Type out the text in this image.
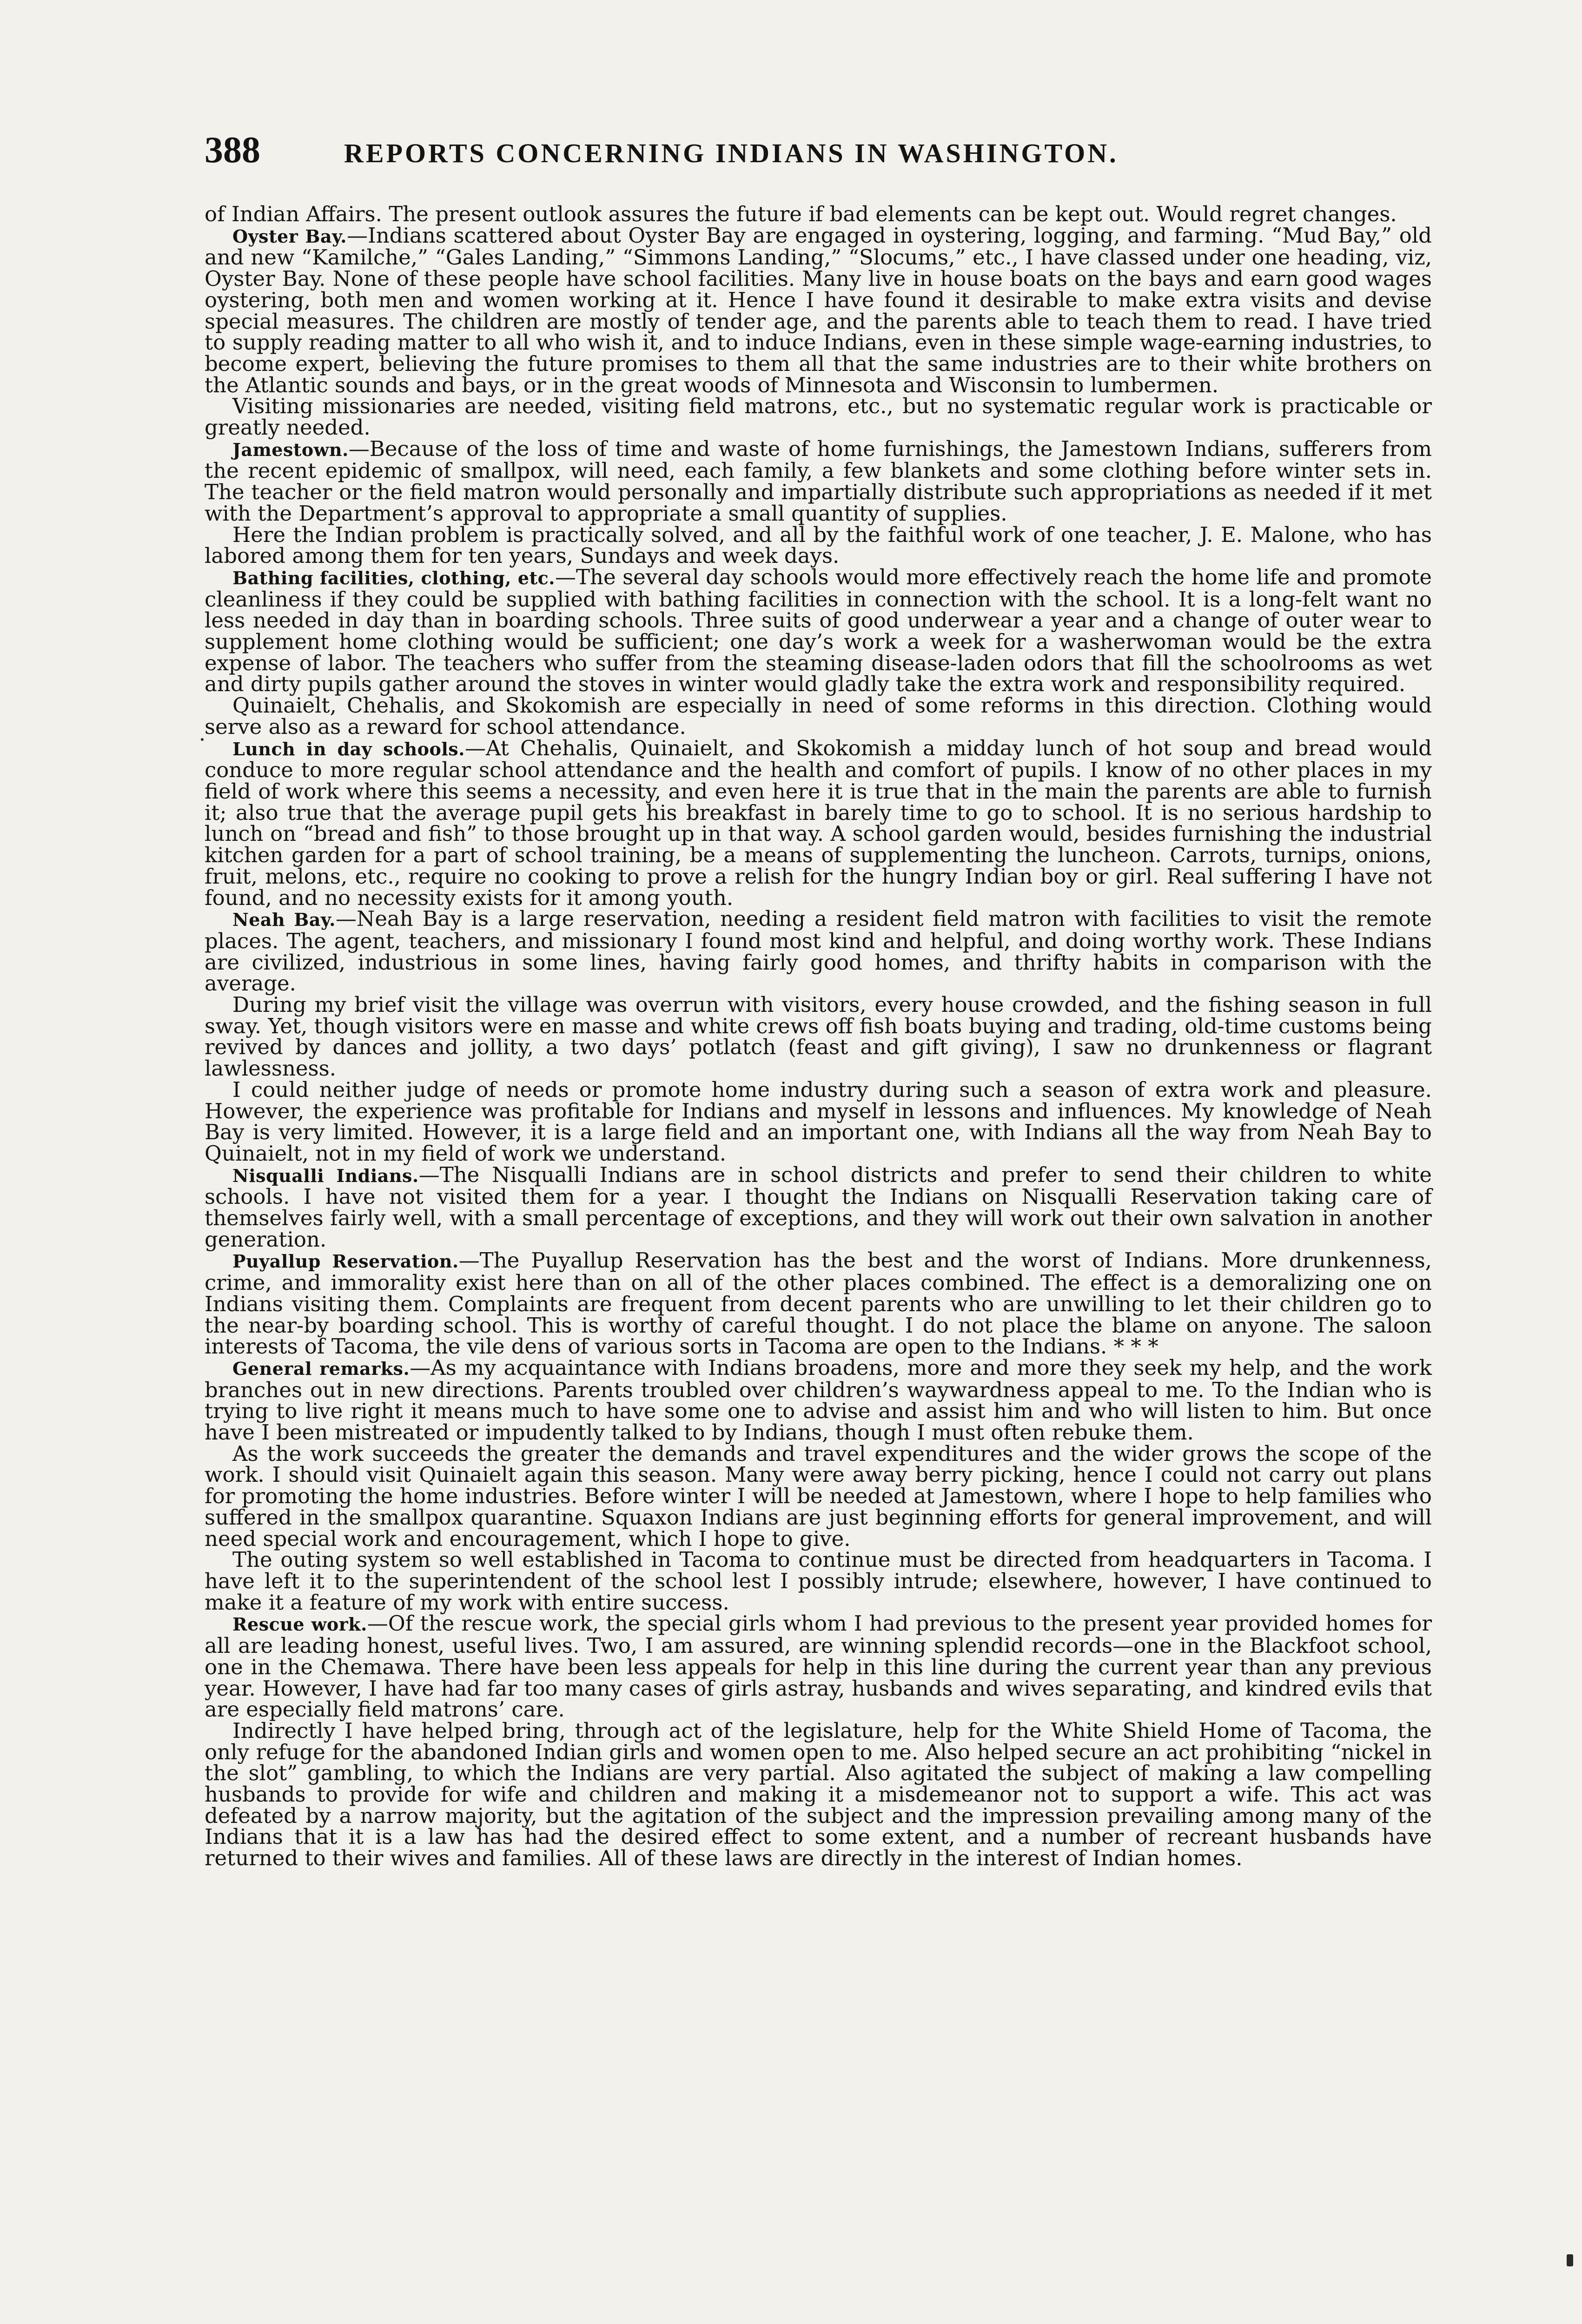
388	REPORTS CONCERNING INDIANS IN WASHINGTON.

of Indian Affairs. The present outlook assures the future if bad elements can be kept out. Would regret changes.

Oyster Bay.—Indians scattered about Oyster Bay are engaged in oystering, logging, and farming. “Mud Bay,” old and new “Kamilche,” “Gales Landing,” “Simmons Landing,” “Slocums,” etc., I have classed under one heading, viz, Oyster Bay. None of these people have school facilities. Many live in house boats on the bays and earn good wages oystering, both men and women working at it. Hence I have found it desirable to make extra visits and devise special measures. The children are mostly of tender age, and the parents able to teach them to read. I have tried to supply reading matter to all who wish it, and to induce Indians, even in these simple wage-earning industries, to become expert, believing the future promises to them all that the same industries are to their white brothers on the Atlantic sounds and bays, or in the great woods of Minnesota and Wisconsin to lumbermen.

Visiting missionaries are needed, visiting field matrons, etc., but no systematic regular work is practicable or greatly needed.

Jamestown.—Because of the loss of time and waste of home furnishings, the Jamestown Indians, sufferers from the recent epidemic of smallpox, will need, each family, a few blankets and some clothing before winter sets in. The teacher or the field matron would personally and impartially distribute such appropriations as needed if it met with the Department’s approval to appropriate a small quantity of supplies.

Here the Indian problem is practically solved, and all by the faithful work of one teacher, J. E. Malone, who has labored among them for ten years, Sundays and week days.

Bathing facilities, clothing, etc.—The several day schools would more effectively reach the home life and promote cleanliness if they could be supplied with bathing facilities in connection with the school. It is a long-felt want no less needed in day than in boarding schools. Three suits of good underwear a year and a change of outer wear to supplement home clothing would be sufficient; one day’s work a week for a washerwoman would be the extra expense of labor. The teachers who suffer from the steaming disease-laden odors that fill the schoolrooms as wet and dirty pupils gather around the stoves in winter would gladly take the extra work and responsibility required.

Quinaielt, Chehalis, and Skokomish are especially in need of some reforms in this direction. Clothing would serve also as a reward for school attendance.

Lunch in day schools.—At Chehalis, Quinaielt, and Skokomish a midday lunch of hot soup and bread would conduce to more regular school attendance and the health and comfort of pupils. I know of no other places in my field of work where this seems a necessity, and even here it is true that in the main the parents are able to furnish it; also true that the average pupil gets his breakfast in barely time to go to school. It is no serious hardship to lunch on “bread and fish” to those brought up in that way. A school garden would, besides furnishing the industrial kitchen garden for a part of school training, be a means of supplementing the luncheon. Carrots, turnips, onions, fruit, melons, etc., require no cooking to prove a relish for the hungry Indian boy or girl. Real suffering I have not found, and no necessity exists for it among youth.

Neah Bay.—Neah Bay is a large reservation, needing a resident field matron with facilities to visit the remote places. The agent, teachers, and missionary I found most kind and helpful, and doing worthy work. These Indians are civilized, industrious in some lines, having fairly good homes, and thrifty habits in comparison with the average.

During my brief visit the village was overrun with visitors, every house crowded, and the fishing season in full sway. Yet, though visitors were en masse and white crews off fish boats buying and trading, old-time customs being revived by dances and jollity, a two days’ potlatch (feast and gift giving), I saw no drunkenness or flagrant lawlessness.

I could neither judge of needs or promote home industry during such a season of extra work and pleasure. However, the experience was profitable for Indians and myself in lessons and influences. My knowledge of Neah Bay is very limited. However, it is a large field and an important one, with Indians all the way from Neah Bay to Quinaielt, not in my field of work we understand.

Nisqualli Indians.—The Nisqualli Indians are in school districts and prefer to send their children to white schools. I have not visited them for a year. I thought the Indians on Nisqualli Reservation taking care of themselves fairly well, with a small percentage of exceptions, and they will work out their own salvation in another generation.

Puyallup Reservation.—The Puyallup Reservation has the best and the worst of Indians. More drunkenness, crime, and immorality exist here than on all of the other places combined. The effect is a demoralizing one on Indians visiting them. Complaints are frequent from decent parents who are unwilling to let their children go to the near-by boarding school. This is worthy of careful thought. I do not place the blame on anyone. The saloon interests of Tacoma, the vile dens of various sorts in Tacoma are open to the Indians. * * *

General remarks.—As my acquaintance with Indians broadens, more and more they seek my help, and the work branches out in new directions. Parents troubled over children’s waywardness appeal to me. To the Indian who is trying to live right it means much to have some one to advise and assist him and who will listen to him. But once have I been mistreated or impudently talked to by Indians, though I must often rebuke them.

As the work succeeds the greater the demands and travel expenditures and the wider grows the scope of the work. I should visit Quinaielt again this season. Many were away berry picking, hence I could not carry out plans for promoting the home industries. Before winter I will be needed at Jamestown, where I hope to help families who suffered in the smallpox quarantine. Squaxon Indians are just beginning efforts for general improvement, and will need special work and encouragement, which I hope to give.

The outing system so well established in Tacoma to continue must be directed from headquarters in Tacoma. I have left it to the superintendent of the school lest I possibly intrude; elsewhere, however, I have continued to make it a feature of my work with entire success.

Rescue work.—Of the rescue work, the special girls whom I had previous to the present year provided homes for all are leading honest, useful lives. Two, I am assured, are winning splendid records—one in the Blackfoot school, one in the Chemawa. There have been less appeals for help in this line during the current year than any previous year. However, I have had far too many cases of girls astray, husbands and wives separating, and kindred evils that are especially field matrons’ care.

Indirectly I have helped bring, through act of the legislature, help for the White Shield Home of Tacoma, the only refuge for the abandoned Indian girls and women open to me. Also helped secure an act prohibiting “nickel in the slot” gambling, to which the Indians are very partial. Also agitated the subject of making a law compelling husbands to provide for wife and children and making it a misdemeanor not to support a wife. This act was defeated by a narrow majority, but the agitation of the subject and the impression prevailing among many of the Indians that it is a law has had the desired effect to some extent, and a number of recreant husbands have returned to their wives and families. All of these laws are directly in the interest of Indian homes.
